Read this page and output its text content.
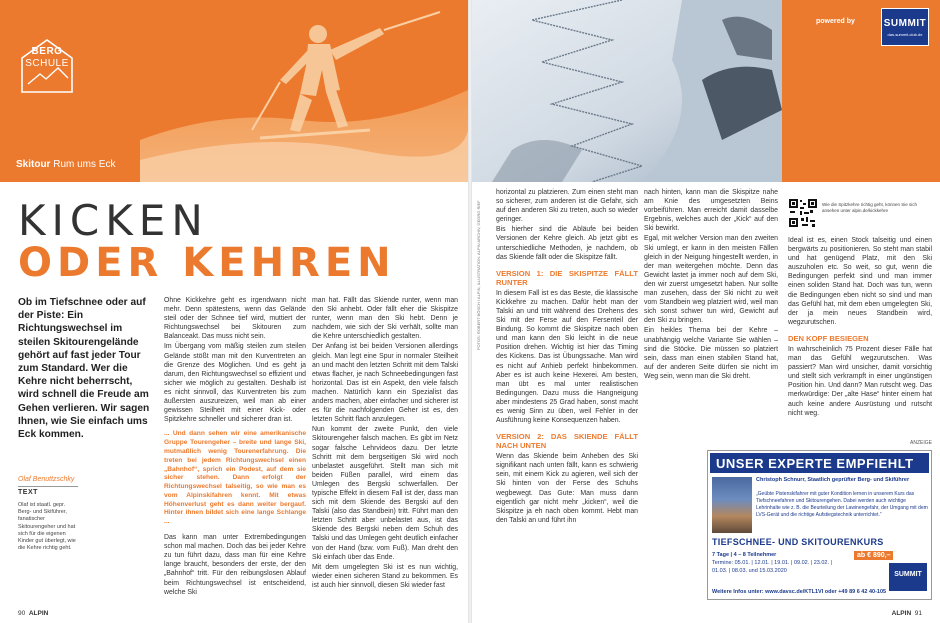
BERG
SCHULE
Skitour Rum ums Eck
powered by	SUMMIT
das-summit-club.de
Der „Kick“ ist Timing-Sache. Aber wer das ein wenig übt, sollte den Ablauf bald heraus haben.
KICKEN
ODER KEHREN
Ob im Tiefschnee oder auf der Piste: Ein Richtungswechsel im steilen Skitourengelände gehört auf fast jeder Tour zum Standard. Wer die Kehre nicht beherrscht, wird schnell die Freude am Gehen verlieren. Wir sagen Ihnen, wie Sie einfach ums Eck kommen.
Olaf Benuttzschky
TEXT
Olaf ist staatl. gepr. Berg- und Skiführer, fanatischer Skitourengeher und hat sich für die eigenen Kinder gut überlegt, wie die Kehre richtig geht.

Ohne Kickkehre geht es irgendwann nicht mehr. Denn spätestens, wenn das Gelände steil oder der Schnee tief wird, muttiert der Richtungswechsel bei Skitouren zum Balanceakt. Das muss nicht sein.

Im Übergang vom mäßig steilen zum steilen Gelände stößt man mit den Kurventreten an die Grenze des Möglichen. Und es geht ja darum, den Richtungswechsel so effizient und sicher wie möglich zu gestalten. Deshalb ist es nicht sinnvoll, das Kurventreten bis zum äußersten auszureizen, weil man ab einer gewissen Steilheit mit einer Kick- oder Spitzkehre schneller und sicherer dran ist.

... Und dann sehen wir eine amerikanische Gruppe Tourengeher – breite und lange Ski, mutmaßlich wenig Tourenerfahrung. Die treten bei jedem Richtungswechsel einen „Bahnhof“, sprich ein Podest, auf dem sie sicher stehen. Dann erfolgt der Richtungswechsel talseitig, so wie man es vom Alpinskifahren kennt. Mit etwas Höhenverlust geht es dann weiter bergauf. Hinter ihnen bildet sich eine lange Schlange ...

Das kann man unter Extrembedingungen schon mal machen. Doch das bei jeder Kehre zu tun führt dazu, dass man für eine Kehre lange braucht, besonders der erste, der den „Bahnhof“ tritt. Für den reibungslosen Ablauf beim Richtungswechsel ist entscheidend, welche Ski

man hat. Fällt das Skiende runter, wenn man den Ski anhebt. Oder fällt eher die Skispitze runter, wenn man den Ski hebt. Denn je nachdem, wie sich der Ski verhält, sollte man die Kehre unterschiedlich gestalten.

Der Anfang ist bei beiden Versionen allerdings gleich. Man legt eine Spur in normaler Steilheit an und macht den letzten Schritt mit dem Talski etwas flacher, je nach Schneebedingungen fast horizontal. Das ist ein Aspekt, den viele falsch machen. Natürlich kann ein Spezialist das anders machen, aber einfacher und sicherer ist es für die nachfolgenden Geher ist es, den letzten Schritt flach anzulegen.

Nun kommt der zweite Punkt, den viele Skitourengeher falsch machen. Es gibt im Netz sogar falsche Lehrvideos dazu. Der letzte Schritt mit dem bergseitigen Ski wird noch unbelastet ausgeführt. Stellt man sich mit beiden Füßen parallel, wird einem das Umlegen des Bergski schwerfallen. Der typische Effekt in diesem Fall ist der, dass man sich mit dem Skiende des Bergski auf den Talski (also das Standbein) tritt. Führt man den letzten Schritt aber unbelastet aus, ist das Skiende des Bergski neben dem Schuh des Talski und das Umlegen geht deutlich einfacher von der Hand (bzw. vom Fuß). Man dreht den Ski einfach über das Ende.

Mit dem umgelegten Ski ist es nun wichtig, wieder einen sicheren Stand zu bekommen. Es ist auch hier sinnvoll, diesen Ski wieder fast

FOTOS: ROBERT BÖSCH / ALPIN, ILLUSTRATION: ALPIN ARCHIV, GEORG RIEF

horizontal zu platzieren. Zum einen steht man so sicherer, zum anderen ist die Gefahr, sich auf den anderen Ski zu treten, auch so wieder geringer.

Bis hierher sind die Abläufe bei beiden Versionen der Kehre gleich. Ab jetzt gibt es unterschiedliche Methoden, je nachdem, ob das Skiende fällt oder die Skispitze fällt.

VERSION 1: DIE SKISPITZE FÄLLT RUNTER

In diesem Fall ist es das Beste, die klassische Kickkehre zu machen. Dafür hebt man der Talski an und tritt während des Drehens des Ski mit der Ferse auf den Fersenteil der Bindung. So kommt die Skispitze nach oben und man kann den Ski leicht in die neue Position drehen. Wichtig ist hier das Timing des Kickens. Das ist Übungssache. Man wird es nicht auf Anhieb perfekt hinbekommen. Aber es ist auch keine Hexerei. Am besten, man übt es mal unter realistischen Bedingungen. Dazu muss die Hangneigung aber mindestens 25 Grad haben, sonst macht es wenig Sinn zu üben, weil Fehler in der Ausführung keine Konsequenzen haben.

VERSION 2: DAS SKIENDE FÄLLT NACH UNTEN

Wenn das Skiende beim Anheben des Ski signifikant nach unten fällt, kann es schwierig sein, mit einem Kick zu agieren, weil sich der Ski hinten von der Ferse des Schuhs wegbewegt. Das Gute: Man muss dann eigentlich gar nicht mehr „kicken“, weil die Skispitze ja eh nach oben kommt. Hebt man den Talski an und führt ihn

nach hinten, kann man die Skispitze nahe am Knie des umgesetzten Beins vorbeiführen. Man erreicht damit dasselbe Ergebnis, welches auch der „Kick“ auf den Ski bewirkt.

Egal, mit welcher Version man den zweiten Ski umlegt, er kann in den meisten Fällen gleich in der Neigung hingestellt werden, in der man weitergehen möchte. Denn das Gewicht lastet ja immer noch auf dem Ski, den wir zuerst umgesetzt haben. Nur sollte man zusehen, dass der Ski nicht zu weit vom Standbein weg platziert wird, weil man sich sonst schwer tun wird, Gewicht auf den Ski zu bringen.

Ein heikles Thema bei der Kehre – unabhängig welche Variante Sie wählen – sind die Stöcke. Die müssen so platziert sein, dass man einen stabilen Stand hat, auf der anderen Seite dürfen sie nicht im Weg sein, wenn man die Ski dreht.

Wie die Spitzkehre richtig geht, können Sie sich ansehen unter alpin.de/kickkehre

Ideal ist es, einen Stock talseitig und einen bergwärts zu positionieren. So steht man stabil und hat genügend Platz, mit den Ski auszuholen etc. So weit, so gut, wenn die Bedingungen perfekt sind und man immer einen soliden Stand hat. Doch was tun, wenn die Bedingungen eben nicht so sind und man das Gefühl hat, mit dem eben umgelegten Ski, der ja mein neues Standbein wird, wegzurutschen.

DEN KOPF BESIEGEN

In wahrscheinlich 75 Prozent dieser Fälle hat man das Gefühl wegzurutschen. Was passiert? Man wird unsicher, damit vorsichtig und stellt sich verkrampft in einer ungünstigen Position hin. Und dann? Man rutscht weg. Das merkwürdige: Der „alte Hase“ hinter einem hat auch keine andere Ausrüstung und rutscht nicht weg.

ANZEIGE
UNSER EXPERTE EMPFIEHLT
Christoph Schnurr, Staatlich geprüfter Berg- und Skiführer
„Geübte Pistenskifahrer mit guter Kondition lernen in unserem Kurs das Tiefschneefahren und Skitourengehen. Dabei werden auch wichtige Lehrinhalte wie z. B. die Beurteilung der Lawinengefahr, der Umgang mit dem LVS-Gerät und die richtige Aufstiegstechnik unterrichtet.“
TIEFSCHNEE- UND SKITOURENKURS
7 Tage | 4 – 8 Teilnehmer
Termine: 05.01. | 12.01. | 19.01. | 09.02. | 23.02. |
01.03. | 08.03. und 15.03.2020
ab € 890,–
SUMMIT
Weitere Infos unter: www.davsc.de/KTL1VI oder +49 89 6 42 40-105
90 ALPIN	ALPIN 91
